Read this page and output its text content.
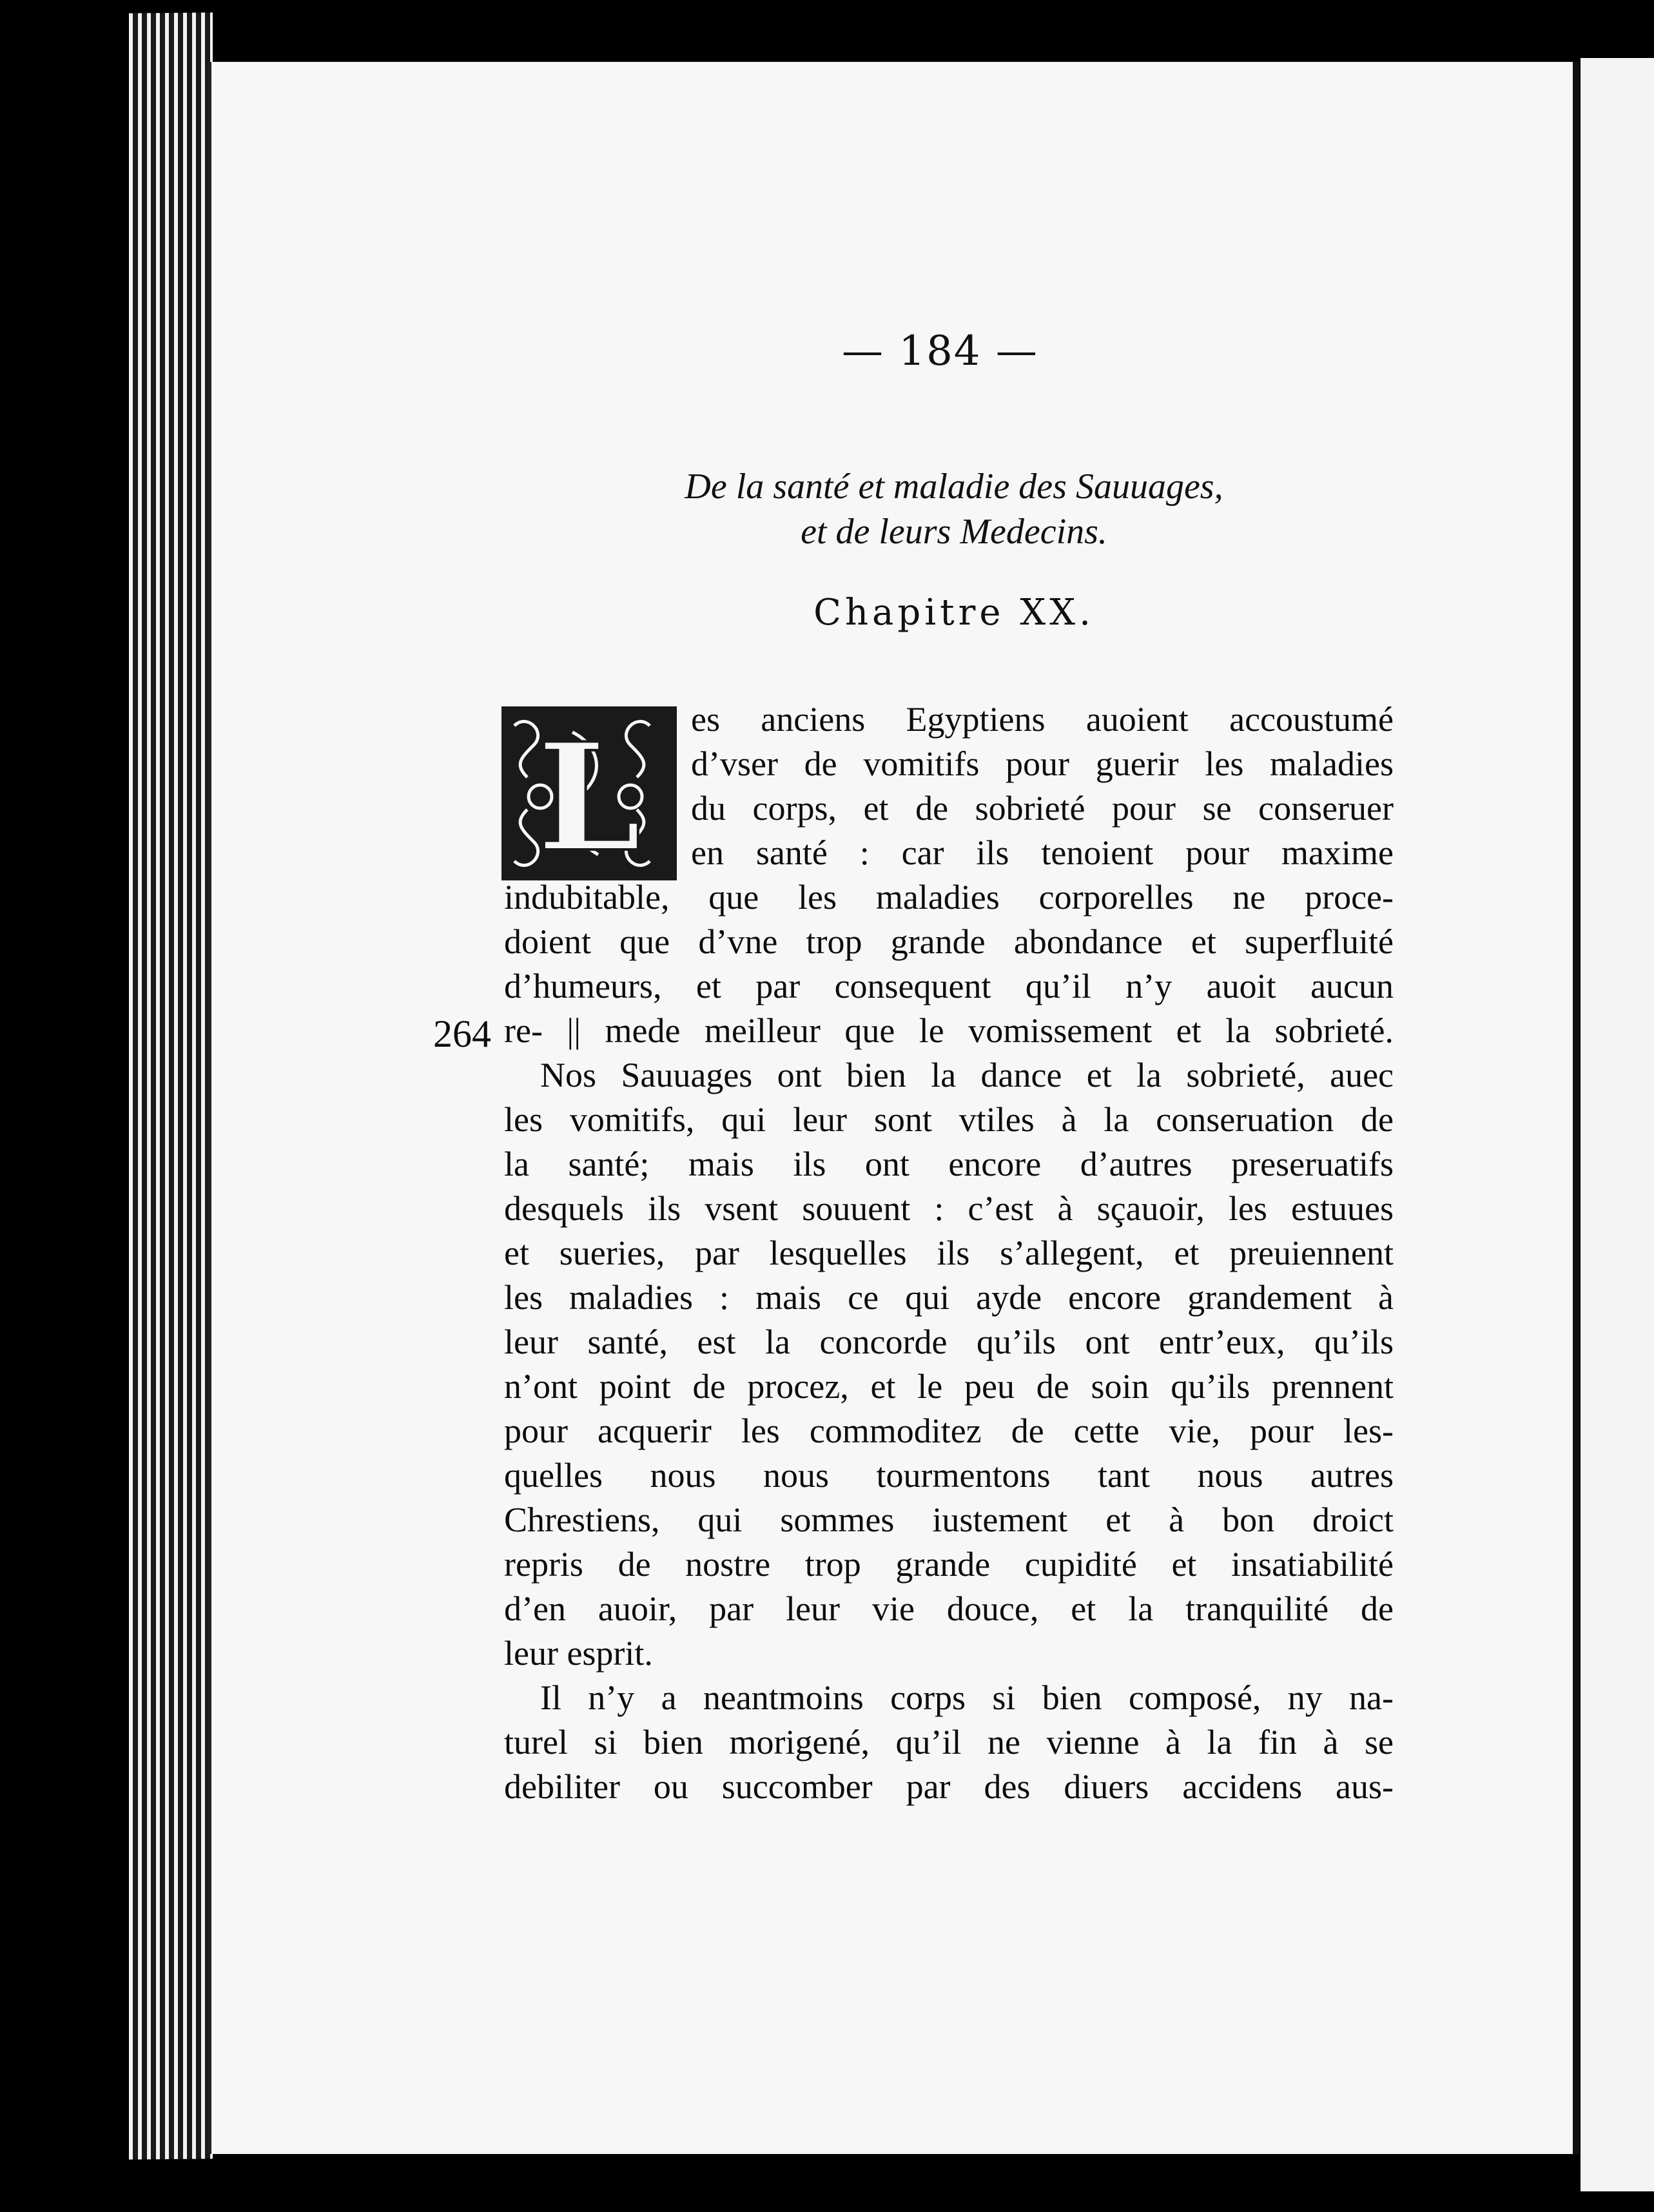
— 184 —
De la santé et maladie des Sauuages,
et de leurs Medecins.
Chapitre XX.
L
264
es anciens Egyptiens auoient accoustumé
d’vser de vomitifs pour guerir les maladies
du corps, et de sobrieté pour se conseruer
en santé : car ils tenoient pour maxime
indubitable, que les maladies corporelles ne proce-
doient que d’vne trop grande abondance et superfluité
d’humeurs, et par consequent qu’il n’y auoit aucun
re- || mede meilleur que le vomissement et la sobrieté.
Nos Sauuages ont bien la dance et la sobrieté, auec
les vomitifs, qui leur sont vtiles à la conseruation de
la santé; mais ils ont encore d’autres preseruatifs
desquels ils vsent souuent : c’est à sçauoir, les estuues
et sueries, par lesquelles ils s’allegent, et preuiennent
les maladies : mais ce qui ayde encore grandement à
leur santé, est la concorde qu’ils ont entr’eux, qu’ils
n’ont point de procez, et le peu de soin qu’ils prennent
pour acquerir les commoditez de cette vie, pour les-
quelles nous nous tourmentons tant nous autres
Chrestiens, qui sommes iustement et à bon droict
repris de nostre trop grande cupidité et insatiabilité
d’en auoir, par leur vie douce, et la tranquilité de
leur esprit.
Il n’y a neantmoins corps si bien composé, ny na-
turel si bien morigené, qu’il ne vienne à la fin à se
debiliter ou succomber par des diuers accidens aus-
